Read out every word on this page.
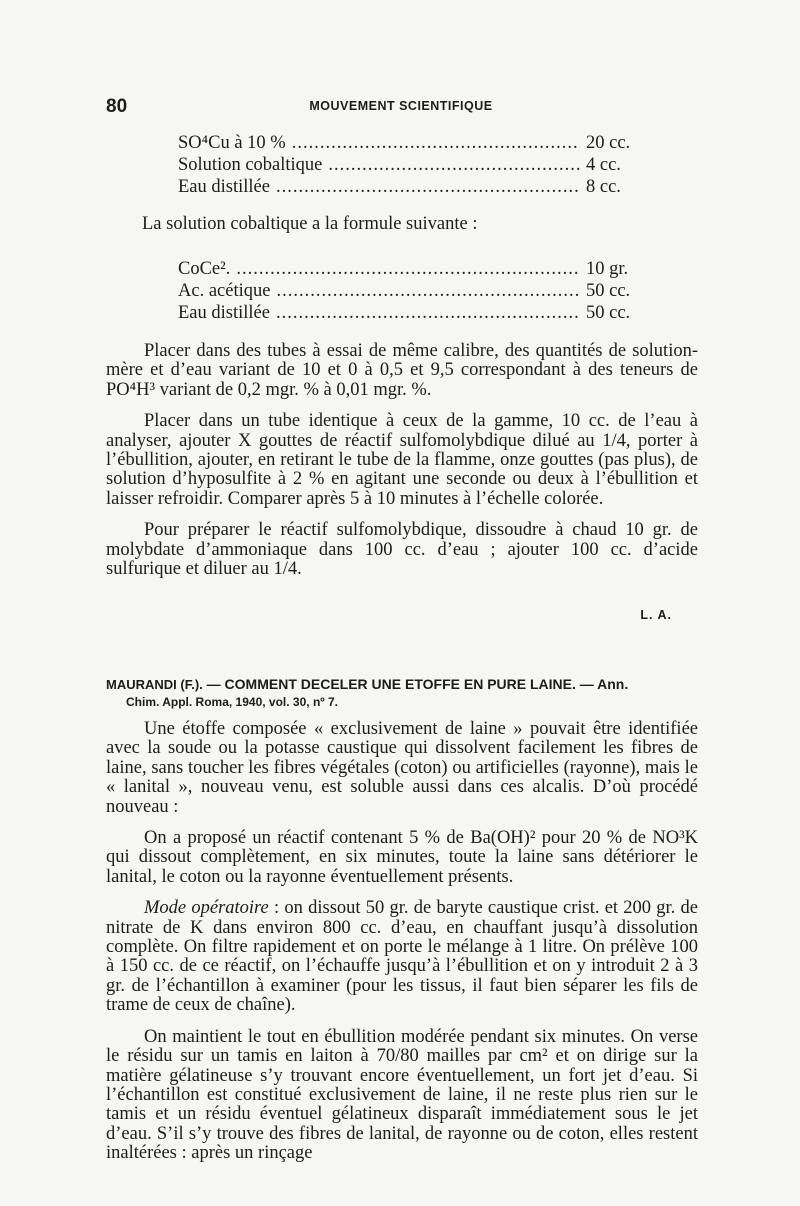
80	MOUVEMENT SCIENTIFIQUE
SO⁴Cu à 10 % .....	20 cc.
Solution cobaltique .....	4 cc.
Eau distillée .....	8 cc.
La solution cobaltique a la formule suivante :
CoCe². .....	10 gr.
Ac. acétique .....	50 cc.
Eau distillée .....	50 cc.

Placer dans des tubes à essai de même calibre, des quantités de solution-mère et d’eau variant de 10 et 0 à 0,5 et 9,5 correspondant à des teneurs de PO⁴H³ variant de 0,2 mgr. % à 0,01 mgr. %.

Placer dans un tube identique à ceux de la gamme, 10 cc. de l’eau à analyser, ajouter X gouttes de réactif sulfomolybdique dilué au 1/4, porter à l’ébullition, ajouter, en retirant le tube de la flamme, onze gouttes (pas plus), de solution d’hyposulfite à 2 % en agitant une seconde ou deux à l’ébullition et laisser refroidir. Comparer après 5 à 10 minutes à l’échelle colorée.

Pour préparer le réactif sulfomolybdique, dissoudre à chaud 10 gr. de molybdate d’ammoniaque dans 100 cc. d’eau ; ajouter 100 cc. d’acide sulfurique et diluer au 1/4.

L. A.
MAURANDI (F.). — COMMENT DECELER UNE ETOFFE EN PURE LAINE. — Ann.
Chim. Appl. Roma, 1940, vol. 30, nº 7.

Une étoffe composée « exclusivement de laine » pouvait être identifiée avec la soude ou la potasse caustique qui dissolvent facilement les fibres de laine, sans toucher les fibres végétales (coton) ou artificielles (rayonne), mais le « lanital », nouveau venu, est soluble aussi dans ces alcalis. D’où procédé nouveau :

On a proposé un réactif contenant 5 % de Ba(OH)² pour 20 % de NO³K qui dissout complètement, en six minutes, toute la laine sans détériorer le lanital, le coton ou la rayonne éventuellement présents.

Mode opératoire : on dissout 50 gr. de baryte caustique crist. et 200 gr. de nitrate de K dans environ 800 cc. d’eau, en chauffant jusqu’à dissolution complète. On filtre rapidement et on porte le mélange à 1 litre. On prélève 100 à 150 cc. de ce réactif, on l’échauffe jusqu’à l’ébullition et on y introduit 2 à 3 gr. de l’échantillon à examiner (pour les tissus, il faut bien séparer les fils de trame de ceux de chaîne).

On maintient le tout en ébullition modérée pendant six minutes. On verse le résidu sur un tamis en laiton à 70/80 mailles par cm² et on dirige sur la matière gélatineuse s’y trouvant encore éventuellement, un fort jet d’eau. Si l’échantillon est constitué exclusivement de laine, il ne reste plus rien sur le tamis et un résidu éventuel gélatineux disparaît immédiatement sous le jet d’eau. S’il s’y trouve des fibres de lanital, de rayonne ou de coton, elles restent inaltérées : après un rinçage
